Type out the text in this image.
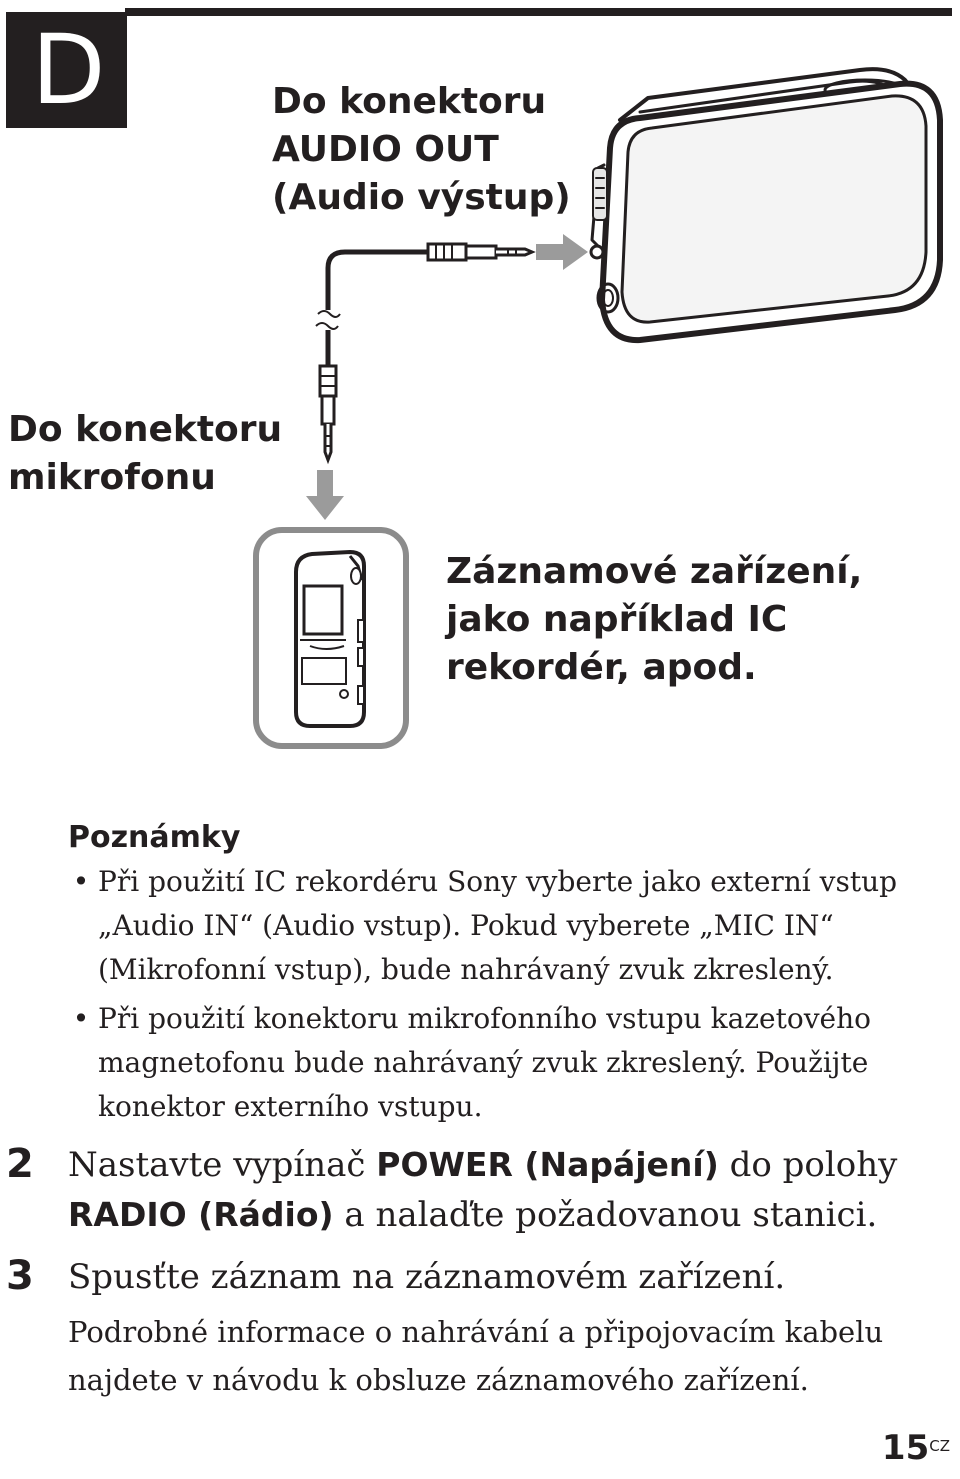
D	Do konektoru
AUDIO OUT
(Audio výstup)
Do konektoru
mikrofonu
Záznamové zařízení,
jako například IC
rekordér, apod.
Poznámky
• Při použití IC rekordéru Sony vyberte jako externí vstup
„Audio IN“ (Audio vstup). Pokud vyberete „MIC IN“
(Mikrofonní vstup), bude nahrávaný zvuk zkreslený.
• Při použití konektoru mikrofonního vstupu kazetového
magnetofonu bude nahrávaný zvuk zkreslený. Použijte
konektor externího vstupu.
2 Nastavte vypínač POWER (Napájení) do polohy
RADIO (Rádio) a nalaďte požadovanou stanici.
3 Spusťte záznam na záznamovém zařízení.
Podrobné informace o nahrávání a připojovacím kabelu
najdete v návodu k obsluze záznamového zařízení.
$15^{CZ}$
